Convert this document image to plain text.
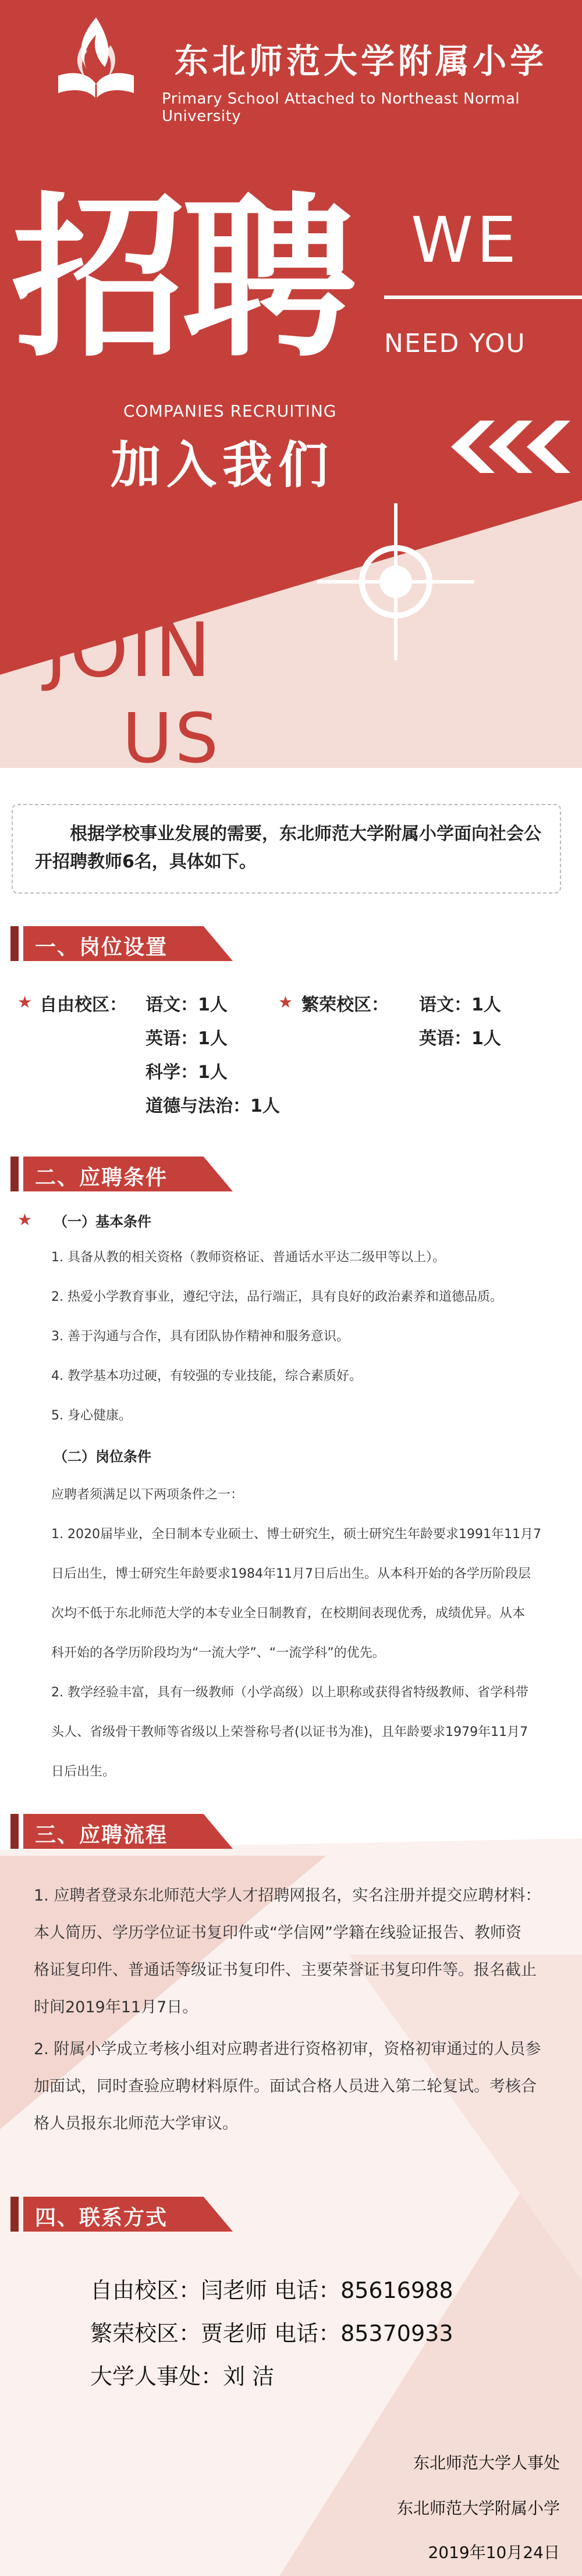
东北师范大学附属小学
Primary School Attached to Northeast Normal University
招聘 WE
NEED YOU
COMPANIES RECRUITING
加入我们
JOIN
US
根据学校事业发展的需要，东北师范大学附属小学面向社会公开招聘教师6名，具体如下。
一、岗位设置
★ 自由校区： 语文：1人
英语：1人
科学：1人
道德与法治：1人
★ 繁荣校区： 语文：1人
英语：1人
二、应聘条件
★ （一）基本条件
1. 具备从教的相关资格（教师资格证、普通话水平达二级甲等以上）。
2. 热爱小学教育事业，遵纪守法，品行端正，具有良好的政治素养和道德品质。
3. 善于沟通与合作，具有团队协作精神和服务意识。
4. 教学基本功过硬，有较强的专业技能，综合素质好。
5. 身心健康。
（二）岗位条件
应聘者须满足以下两项条件之一：
1. 2020届毕业，全日制本专业硕士、博士研究生，硕士研究生年龄要求1991年11月7
日后出生，博士研究生年龄要求1984年11月7日后出生。从本科开始的各学历阶段层
次均不低于东北师范大学的本专业全日制教育，在校期间表现优秀，成绩优异。从本
科开始的各学历阶段均为“一流大学”、“一流学科”的优先。
2. 教学经验丰富，具有一级教师（小学高级）以上职称或获得省特级教师、省学科带
头人、省级骨干教师等省级以上荣誉称号者(以证书为准)，且年龄要求1979年11月7
日后出生。
三、应聘流程
1. 应聘者登录东北师范大学人才招聘网报名，实名注册并提交应聘材料：
本人简历、学历学位证书复印件或“学信网”学籍在线验证报告、教师资
格证复印件、普通话等级证书复印件、主要荣誉证书复印件等。报名截止
时间2019年11月7日。
2. 附属小学成立考核小组对应聘者进行资格初审，资格初审通过的人员参
加面试，同时查验应聘材料原件。面试合格人员进入第二轮复试。考核合
格人员报东北师范大学审议。
四、联系方式
自由校区：闫老师 电话：85616988
繁荣校区：贾老师 电话：85370933
大学人事处：刘 洁
东北师范大学人事处
东北师范大学附属小学
2019年10月24日
